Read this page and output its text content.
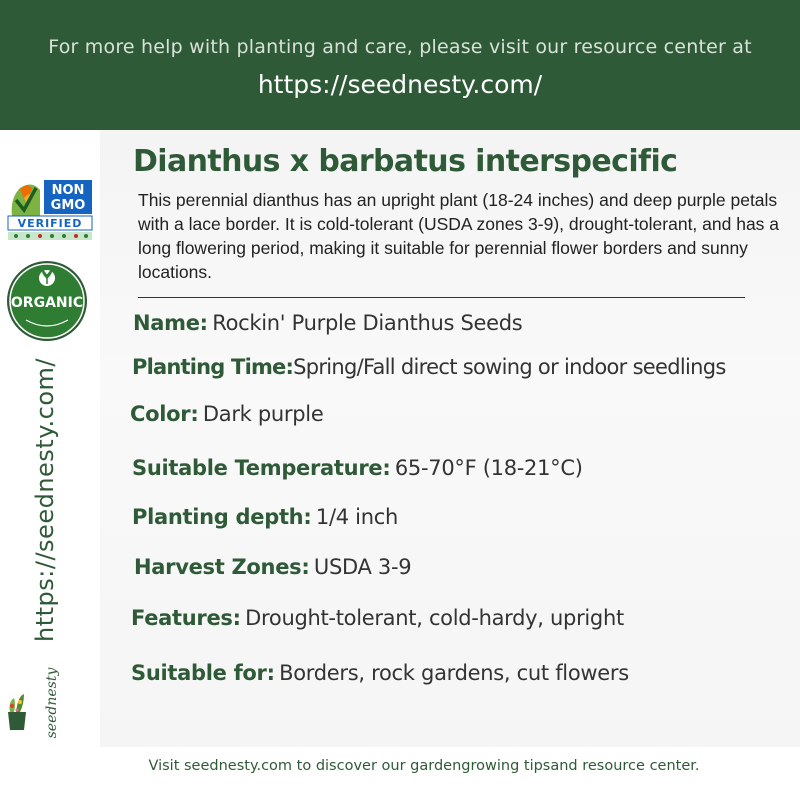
For more help with planting and care, please visit our resource center at
https://seednesty.com/
NON
GMO
VERIFIED
ORGANIC
https://seednesty.com/
seednesty
Dianthus x barbatus interspecific
This perennial dianthus has an upright plant (18-24 inches) and deep purple petals with a lace border. It is cold-tolerant (USDA zones 3-9), drought-tolerant, and has a long flowering period, making it suitable for perennial flower borders and sunny locations.
Name: Rockin' Purple Dianthus Seeds
Planting Time:Spring/Fall direct sowing or indoor seedlings
Color: Dark purple
Suitable Temperature: 65-70°F (18-21°C)
Planting depth: 1/4 inch
Harvest Zones: USDA 3-9
Features: Drought-tolerant, cold-hardy, upright
Suitable for: Borders, rock gardens, cut flowers
Visit seednesty.com to discover our gardengrowing tipsand resource center.
